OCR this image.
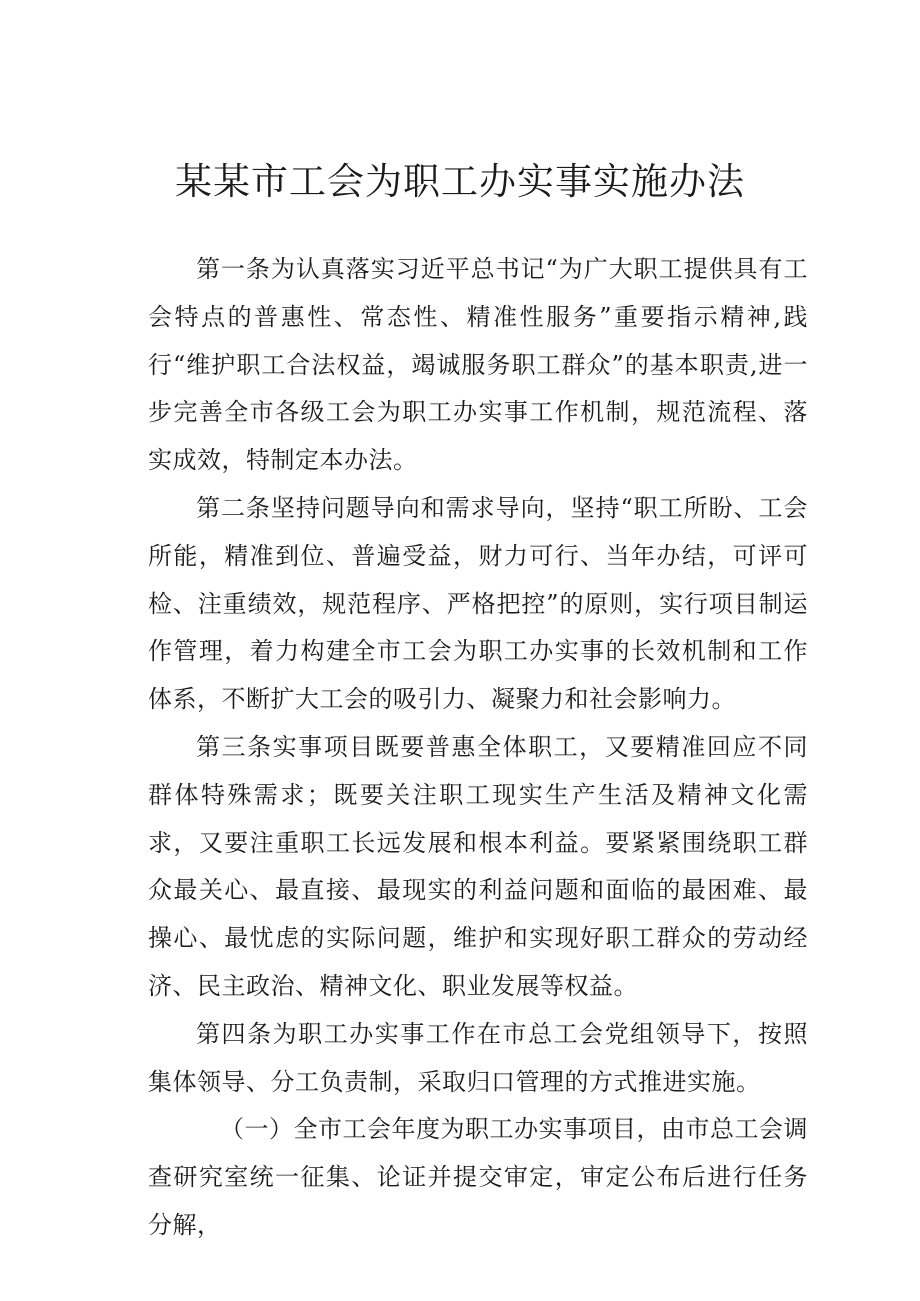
某某市工会为职工办实事实施办法

第一条为认真落实习近平总书记“为广大职工提供具有工会特点的普惠性、常态性、精准性服务”重要指示精神,践行“维护职工合法权益，竭诚服务职工群众”的基本职责,进一步完善全市各级工会为职工办实事工作机制，规范流程、落实成效，特制定本办法。

第二条坚持问题导向和需求导向，坚持“职工所盼、工会所能，精准到位、普遍受益，财力可行、当年办结，可评可检、注重绩效，规范程序、严格把控”的原则，实行项目制运作管理，着力构建全市工会为职工办实事的长效机制和工作体系，不断扩大工会的吸引力、凝聚力和社会影响力。

第三条实事项目既要普惠全体职工，又要精准回应不同群体特殊需求；既要关注职工现实生产生活及精神文化需求，又要注重职工长远发展和根本利益。要紧紧围绕职工群众最关心、最直接、最现实的利益问题和面临的最困难、最操心、最忧虑的实际问题，维护和实现好职工群众的劳动经济、民主政治、精神文化、职业发展等权益。

第四条为职工办实事工作在市总工会党组领导下，按照集体领导、分工负责制，采取归口管理的方式推进实施。

（一）全市工会年度为职工办实事项目，由市总工会调查研究室统一征集、论证并提交审定，审定公布后进行任务分解，
